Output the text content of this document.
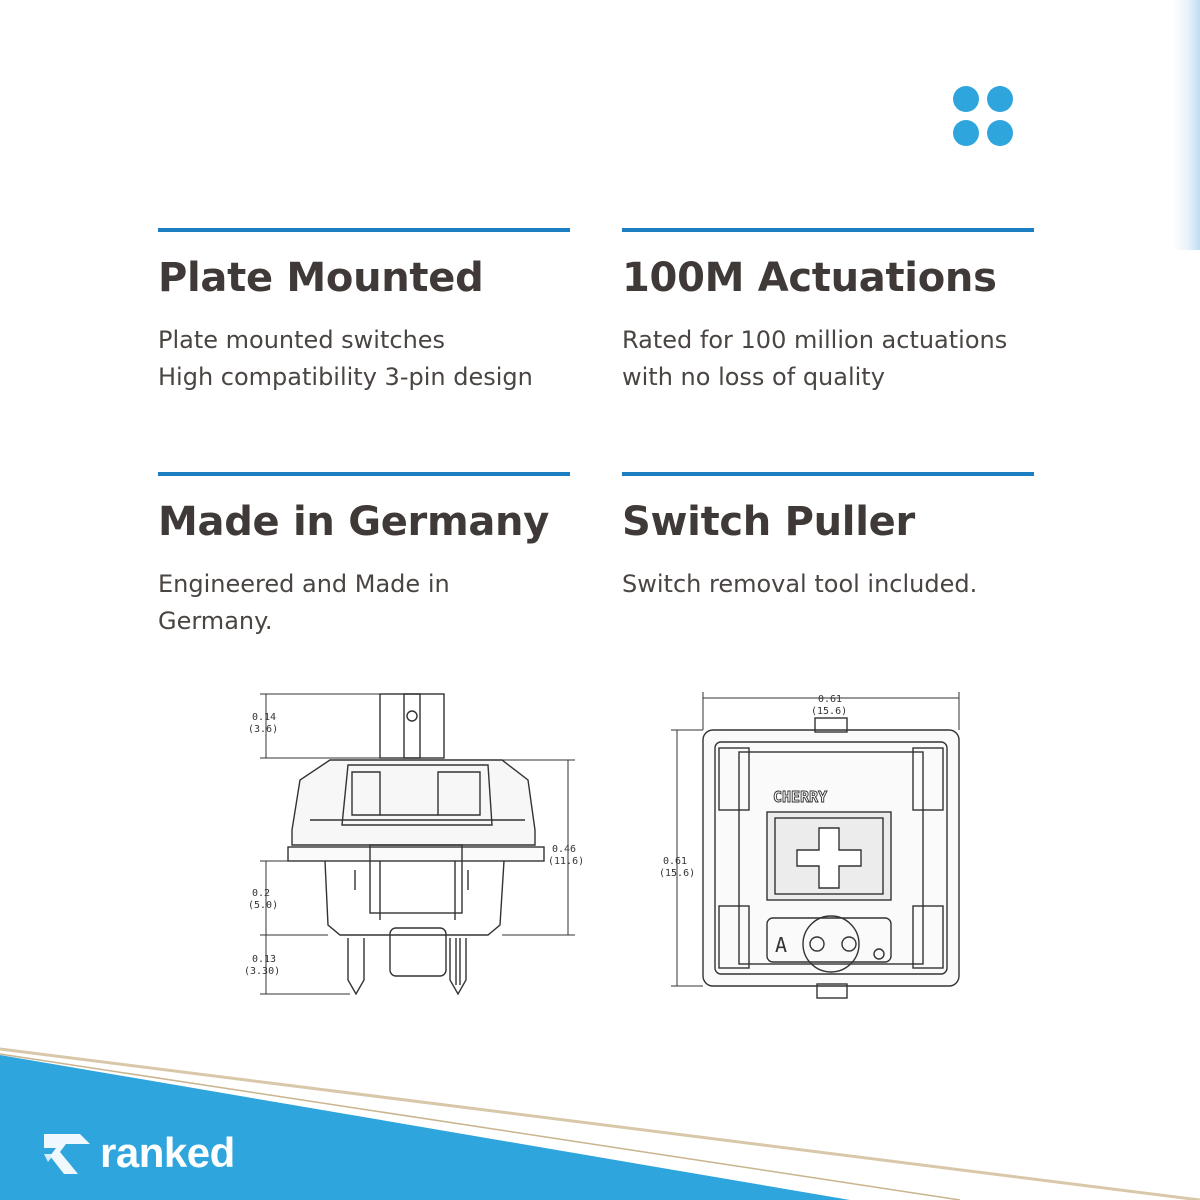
Plate Mounted

Plate mounted switches
High compatibility 3-pin design

100M Actuations

Rated for 100 million actuations
with no loss of quality

Made in Germany

Engineered and Made in
Germany.

Switch Puller

Switch removal tool included.

0.14
(3.6)
0.2
(5.0)
0.13
(3.30)
0.46
(11.6)
0.61
(15.6)
0.61
(15.6)
CHERRY
A
ranked
